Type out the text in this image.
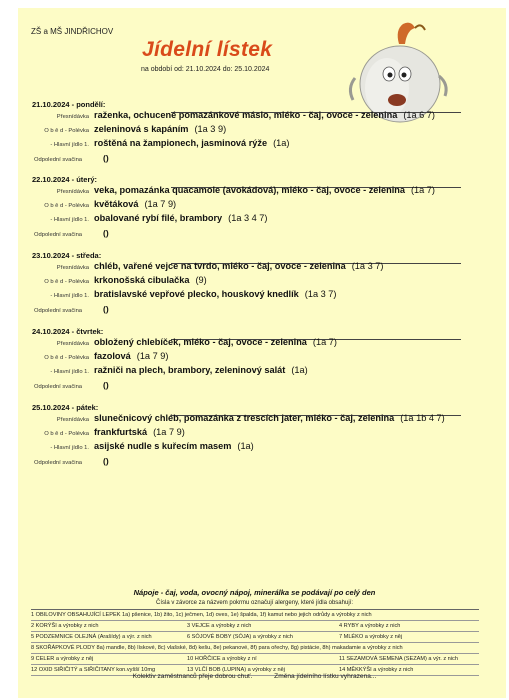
ZŠ a MŠ JINDŘICHOV
Jídelní lístek
na období od: 21.10.2024 do: 25.10.2024
21.10.2024 - pondělí:
Přesnídávka raženka, ochucené pomazánkové máslo, mléko - čaj, ovoce - zelenina (1a 6 7)
O b ě d - Polévka zeleninová s kapáním (1a 3 9)
- Hlavní jídlo 1. roštěná na žampionech, jasminová rýže (1a)
Odpolední svačina ()
22.10.2024 - úterý:
Přesnídávka veka, pomazánka quacamole (avokádová), mléko - čaj, ovoce - zelenina (1a 7)
O b ě d - Polévka květáková (1a 7 9)
- Hlavní jídlo 1. obalované rybí filé, brambory (1a 3 4 7)
Odpolední svačina ()
23.10.2024 - středa:
Přesnídávka chléb, vařené vejce na tvrdo, mléko - čaj, ovoce - zelenina (1a 3 7)
O b ě d - Polévka krkonošská cibulačka (9)
- Hlavní jídlo 1. bratislavské vepřové plecko, houskový knedlík (1a 3 7)
Odpolední svačina ()
24.10.2024 - čtvrtek:
Přesnídávka obložený chlebíček, mléko - čaj, ovoce - zelenina (1a 7)
O b ě d - Polévka fazolová (1a 7 9)
- Hlavní jídlo 1. ražniči na plech, brambory, zeleninový salát (1a)
Odpolední svačina ()
25.10.2024 - pátek:
Přesnídávka slunečnicový chléb, pomazánka z trescích jater, mléko - čaj, zelenina (1a 1b 4 7)
O b ě d - Polévka frankfurtská (1a 7 9)
- Hlavní jídlo 1. asijské nudle s kuřecím masem (1a)
Odpolední svačina ()
Nápoje - čaj, voda, ovocný nápoj, minerálka se podávají po celý den
Čísla v závorce za názvem pokrmu označují alergeny, které jídla obsahují:
1 OBILOVINY OBSAHUJÍCÍ LEPEK 1a) pšenice, 1b) žito, 1c) ječmen, 1d) oves, 1e) špalda, 1f) kamut nebo jejich odrůdy a výrobky z nich
2 KORÝŠI a výrobky z nich	3 VEJCE a výrobky z nich	4 RYBY a výrobky z nich
5 PODZEMNICE OLEJNÁ (Arašídy) a výr. z nich	6 SÓJOVÉ BOBY (SÓJA) a výrobky z nich	7 MLÉKO a výrobky z něj
8 SKOŘÁPKOVÉ PLODY 8a) mandle, 8b) lískové, 8c) vlašské, 8d) kešu, 8e) pekanové, 8f) para ořechy, 8g) pistácie, 8h) makadamie a výrobky z nich
9 CELER a výrobky z něj	10 HOŘČICE a výrobky z ní	11 SEZAMOVÁ SEMENA (SEZAM) a výr. z nich
12 OXID SIŘIČITÝ a SIŘIČITANY kon.vyšší 10mg	13 VLČÍ BOB (LUPINA) a výrobky z něj	14 MĚKKÝŠI a výrobky z nich
Kolektiv zaměstnanců přeje dobrou chuť.	Změna jídelního lístku vyhrazena...
